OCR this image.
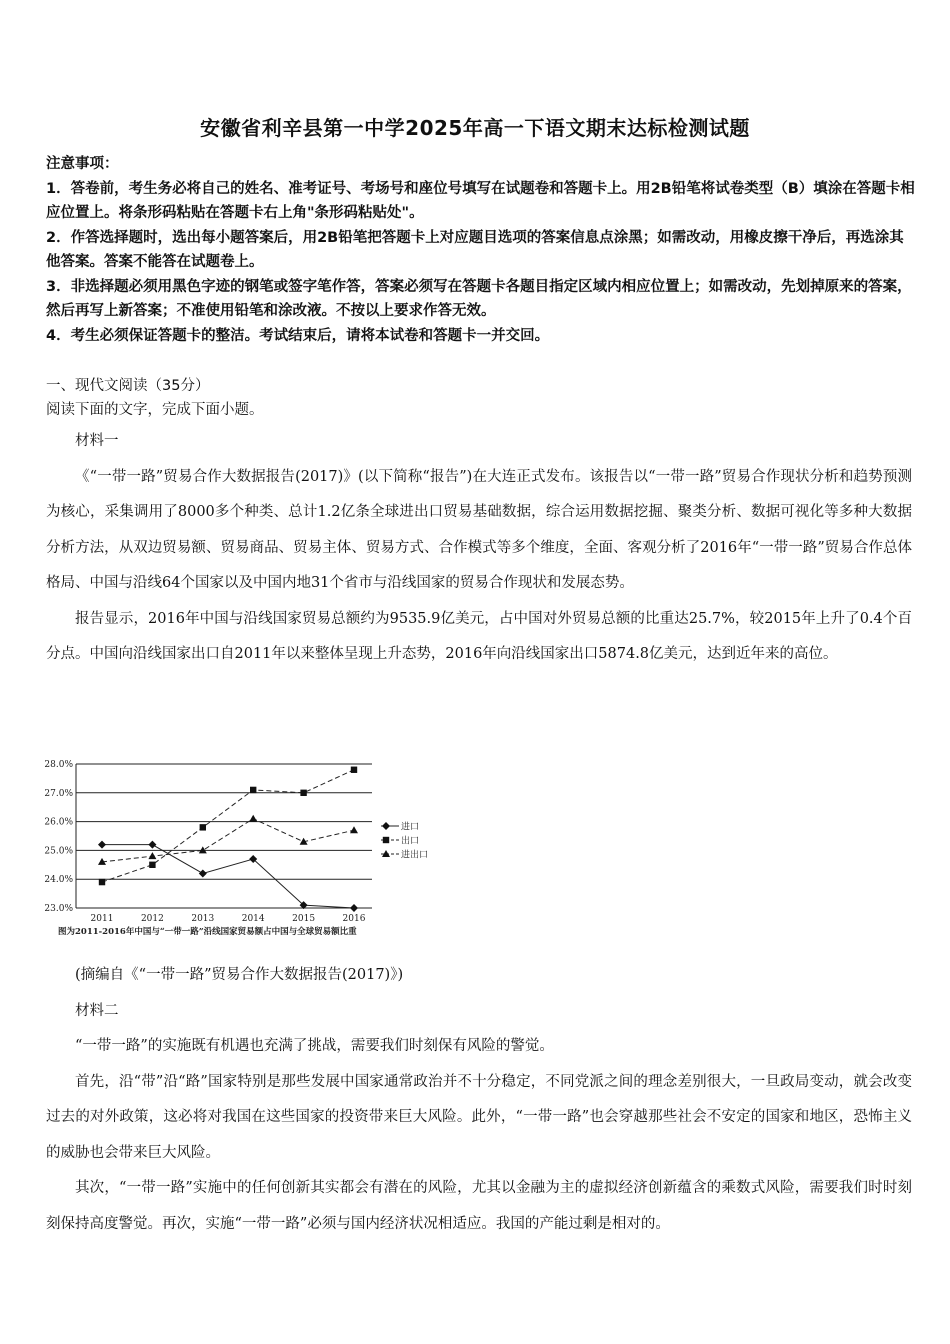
安徽省利辛县第一中学2025年高一下语文期末达标检测试题

注意事项：

1．答卷前，考生务必将自己的姓名、准考证号、考场号和座位号填写在试题卷和答题卡上。用2B铅笔将试卷类型（B）填涂在答题卡相应位置上。将条形码粘贴在答题卡右上角"条形码粘贴处"。

2．作答选择题时，选出每小题答案后，用2B铅笔把答题卡上对应题目选项的答案信息点涂黑；如需改动，用橡皮擦干净后，再选涂其他答案。答案不能答在试题卷上。

3．非选择题必须用黑色字迹的钢笔或签字笔作答，答案必须写在答题卡各题目指定区域内相应位置上；如需改动，先划掉原来的答案，然后再写上新答案；不准使用铅笔和涂改液。不按以上要求作答无效。

4．考生必须保证答题卡的整洁。考试结束后，请将本试卷和答题卡一并交回。

一、现代文阅读（35分）

阅读下面的文字，完成下面小题。

材料一

《“一带一路”贸易合作大数据报告(2017)》(以下简称“报告”)在大连正式发布。该报告以“一带一路”贸易合作现状分析和趋势预测为核心，采集调用了8000多个种类、总计1.2亿条全球进出口贸易基础数据，综合运用数据挖掘、聚类分析、数据可视化等多种大数据分析方法，从双边贸易额、贸易商品、贸易主体、贸易方式、合作模式等多个维度，全面、客观分析了2016年“一带一路”贸易合作总体格局、中国与沿线64个国家以及中国内地31个省市与沿线国家的贸易合作现状和发展态势。

报告显示，2016年中国与沿线国家贸易总额约为9535.9亿美元，占中国对外贸易总额的比重达25.7%，较2015年上升了0.4个百分点。中国向沿线国家出口自2011年以来整体呈现上升态势，2016年向沿线国家出口5874.8亿美元，达到近年来的高位。

23.0%
24.0%
25.0%
26.0%
27.0%
28.0%
2011	2012	2013	2014	2015	2016
图为2011-2016年中国与“一带一路”沿线国家贸易额占中国与全球贸易额比重
进口
出口
进出口

(摘编自《“一带一路”贸易合作大数据报告(2017)》)

材料二

“一带一路”的实施既有机遇也充满了挑战，需要我们时刻保有风险的警觉。

首先，沿“带”沿“路”国家特别是那些发展中国家通常政治并不十分稳定，不同党派之间的理念差别很大，一旦政局变动，就会改变过去的对外政策，这必将对我国在这些国家的投资带来巨大风险。此外，“一带一路”也会穿越那些社会不安定的国家和地区，恐怖主义的威胁也会带来巨大风险。

其次，“一带一路”实施中的任何创新其实都会有潜在的风险，尤其以金融为主的虚拟经济创新蕴含的乘数式风险，需要我们时时刻刻保持高度警觉。再次，实施“一带一路”必须与国内经济状况相适应。我国的产能过剩是相对的。
